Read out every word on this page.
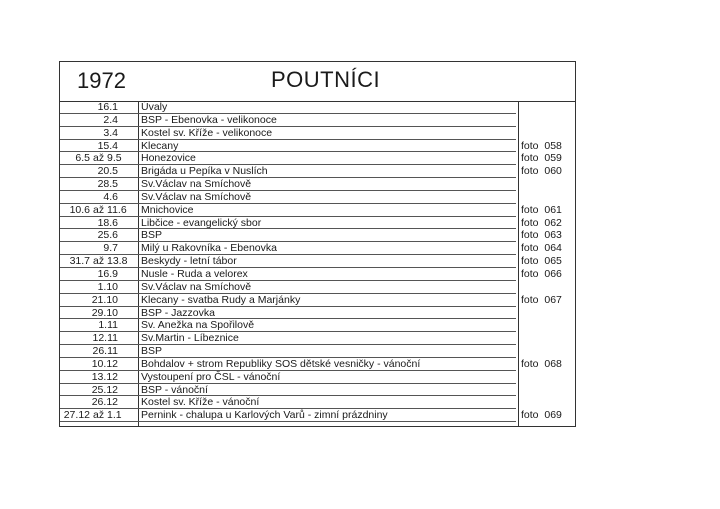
1972	POUTNÍCI
16.1 Úvaly
2.4 BSP - Ebenovka - velikonoce
3.4 Kostel sv. Kříže - velikonoce
15.4 Klecany	foto  058
6.5 až 9.5 Honezovice	foto  059
20.5 Brigáda u Pepíka v Nuslích	foto  060
28.5 Sv.Václav na Smíchově
4.6 Sv.Václav na Smíchově
10.6 až 11.6 Mnichovice	foto  061
18.6 Libčice - evangelický sbor	foto  062
25.6 BSP	foto  063
9.7 Milý u Rakovníka - Ebenovka	foto  064
31.7 až 13.8 Beskydy - letní tábor	foto  065
16.9 Nusle - Ruda a velorex	foto  066
1.10 Sv.Václav na Smíchově
21.10 Klecany - svatba Rudy a Marjánky	foto  067
29.10 BSP - Jazzovka
1.11 Sv. Anežka na Spořilově
12.11 Sv.Martin - Líbeznice
26.11 BSP
10.12 Bohdalov + strom Republiky SOS dětské vesničky - vánoční	foto  068
13.12 Vystoupení pro ČSL - vánoční
25.12 BSP - vánoční
26.12 Kostel sv. Kříže - vánoční
27.12 až 1.1 Pernink - chalupa u Karlových Varů - zimní prázdniny	foto  069
